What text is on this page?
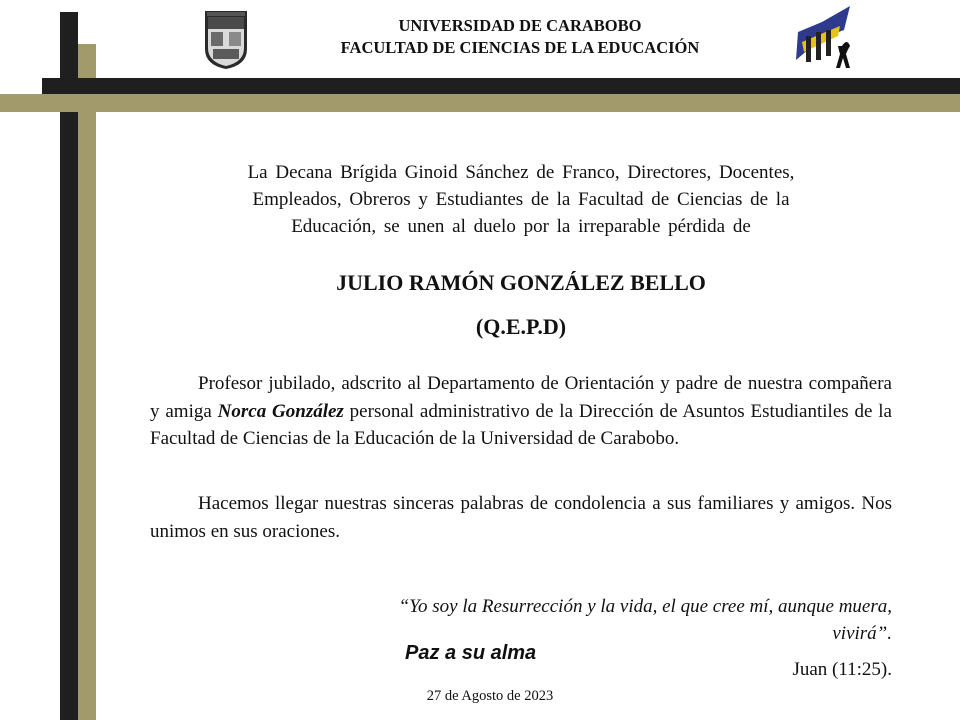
UNIVERSIDAD DE CARABOBO
FACULTAD DE CIENCIAS DE LA EDUCACIÓN
La Decana Brígida Ginoid Sánchez de Franco, Directores, Docentes,
Empleados, Obreros y Estudiantes de la Facultad de Ciencias de la
Educación, se unen al duelo por la irreparable pérdida de
JULIO RAMÓN GONZÁLEZ BELLO
(Q.E.P.D)

Profesor jubilado, adscrito al Departamento de Orientación y padre de nuestra compañera y amiga Norca González personal administrativo de la Dirección de Asuntos Estudiantiles de la Facultad de Ciencias de la Educación de la Universidad de Carabobo.

Hacemos llegar nuestras sinceras palabras de condolencia a sus familiares y amigos. Nos unimos en sus oraciones.

“Yo soy la Resurrección y la vida, el que cree mí, aunque muera,
vivirá”.
Juan (11:25).
Paz a su alma
27 de Agosto de 2023
